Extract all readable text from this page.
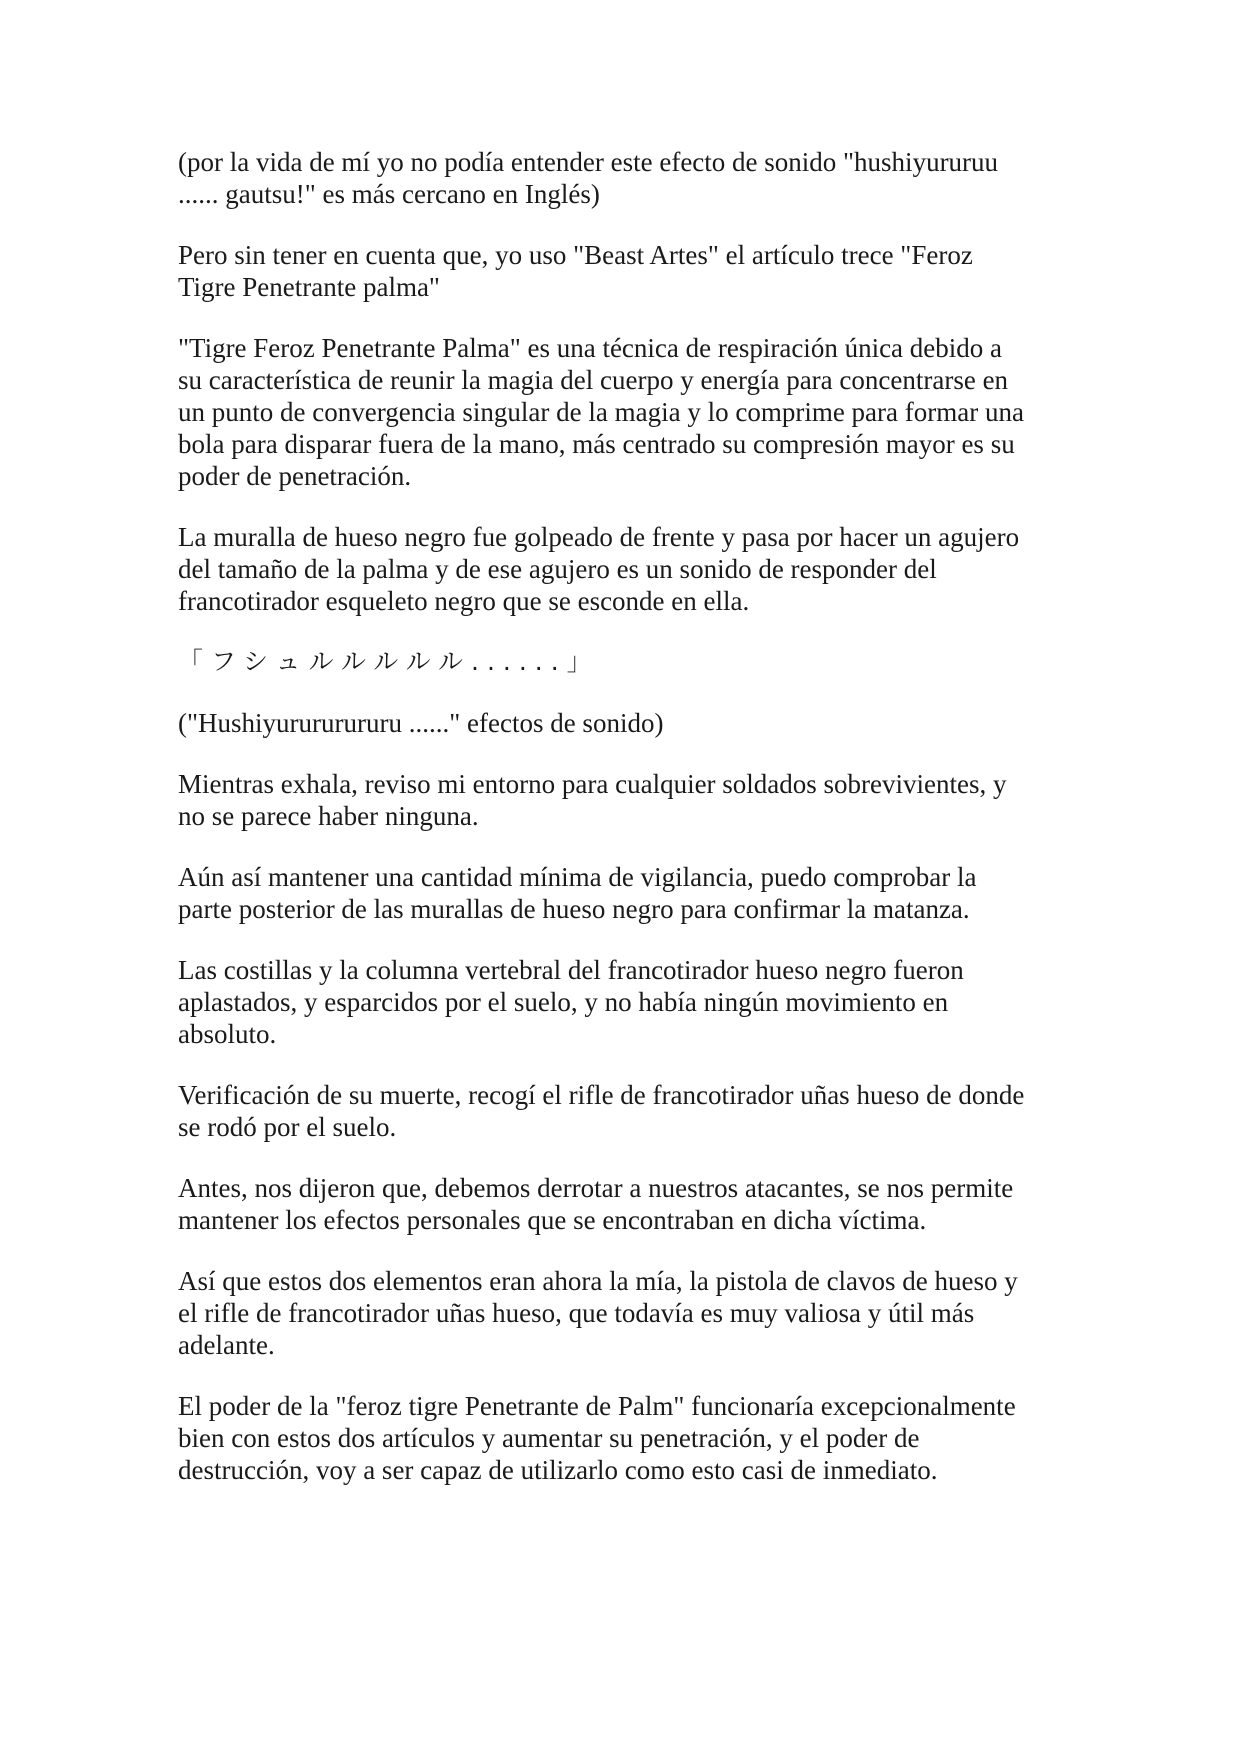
(por la vida de mí yo no podía entender este efecto de sonido "hushiyururuu
...... gautsu!" es más cercano en Inglés)

Pero sin tener en cuenta que, yo uso "Beast Artes" el artículo trece "Feroz
Tigre Penetrante palma"

"Tigre Feroz Penetrante Palma" es una técnica de respiración única debido a
su característica de reunir la magia del cuerpo y energía para concentrarse en
un punto de convergencia singular de la magia y lo comprime para formar una
bola para disparar fuera de la mano, más centrado su compresión mayor es su
poder de penetración.

La muralla de hueso negro fue golpeado de frente y pasa por hacer un agujero
del tamaño de la palma y de ese agujero es un sonido de responder del
francotirador esqueleto negro que se esconde en ella.

「フシュルルルルル......」

("Hushiyurururururu ......" efectos de sonido)

Mientras exhala, reviso mi entorno para cualquier soldados sobrevivientes, y
no se parece haber ninguna.

Aún así mantener una cantidad mínima de vigilancia, puedo comprobar la
parte posterior de las murallas de hueso negro para confirmar la matanza.

Las costillas y la columna vertebral del francotirador hueso negro fueron
aplastados, y esparcidos por el suelo, y no había ningún movimiento en
absoluto.

Verificación de su muerte, recogí el rifle de francotirador uñas hueso de donde
se rodó por el suelo.

Antes, nos dijeron que, debemos derrotar a nuestros atacantes, se nos permite
mantener los efectos personales que se encontraban en dicha víctima.

Así que estos dos elementos eran ahora la mía, la pistola de clavos de hueso y
el rifle de francotirador uñas hueso, que todavía es muy valiosa y útil más
adelante.

El poder de la "feroz tigre Penetrante de Palm" funcionaría excepcionalmente
bien con estos dos artículos y aumentar su penetración, y el poder de
destrucción, voy a ser capaz de utilizarlo como esto casi de inmediato.
